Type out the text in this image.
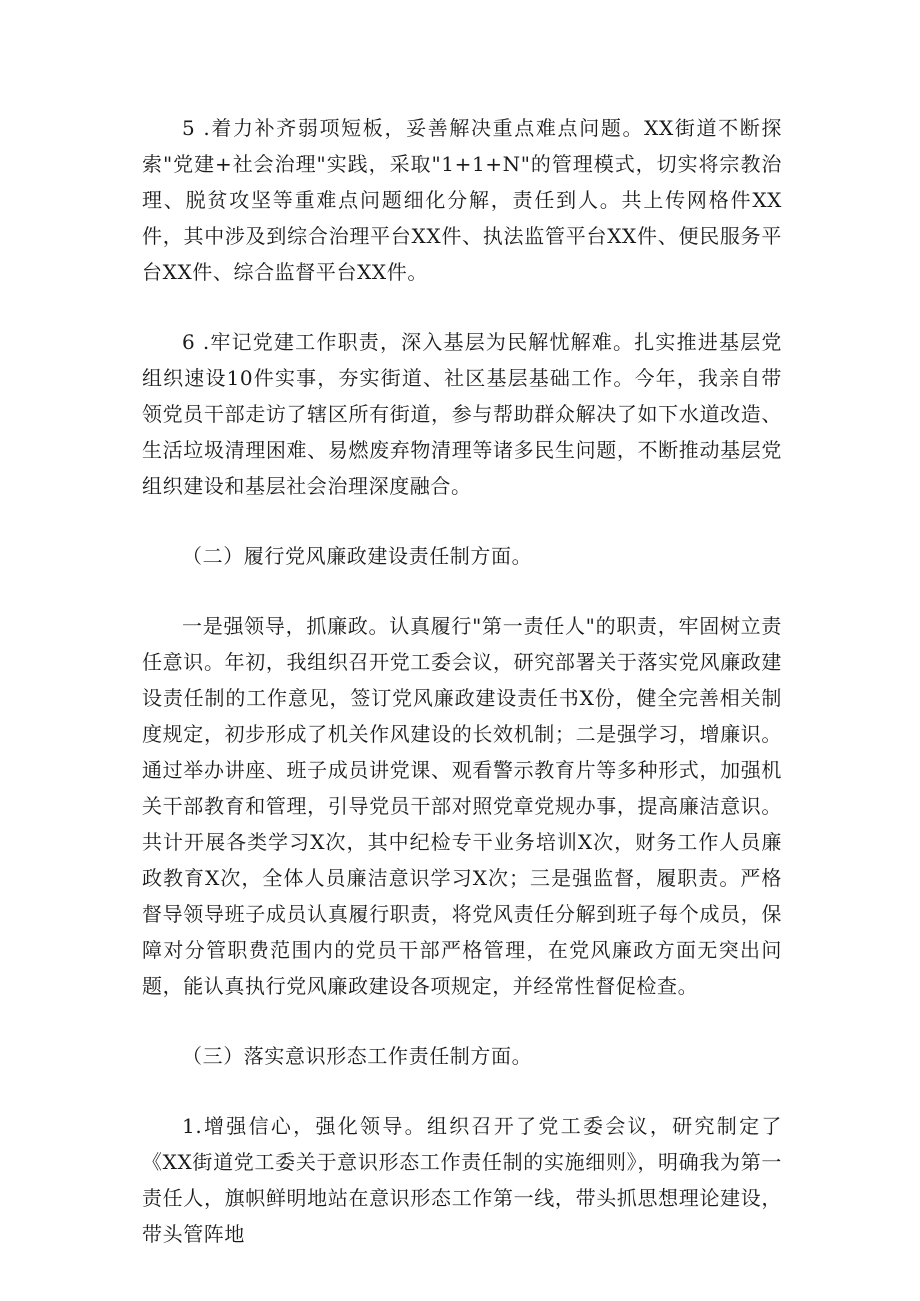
5 .着力补齐弱项短板，妥善解决重点难点问题。XX街道不断探索"党建+社会治理"实践，采取"1+1+N"的管理模式，切实将宗教治理、脱贫攻坚等重难点问题细化分解，责任到人。共上传网格件XX件，其中涉及到综合治理平台XX件、执法监管平台XX件、便民服务平台XX件、综合监督平台XX件。

6 .牢记党建工作职责，深入基层为民解忧解难。扎实推进基层党组织速设10件实事，夯实街道、社区基层基础工作。今年，我亲自带领党员干部走访了辖区所有街道，参与帮助群众解决了如下水道改造、生活垃圾清理困难、易燃废弃物清理等诸多民生问题，不断推动基层党组织建设和基层社会治理深度融合。

（二）履行党风廉政建设责任制方面。

一是强领导，抓廉政。认真履行"第一责任人"的职责，牢固树立责任意识。年初，我组织召开党工委会议，研究部署关于落实党风廉政建设责任制的工作意见，签订党风廉政建设责任书X份，健全完善相关制度规定，初步形成了机关作风建设的长效机制；二是强学习，增廉识。通过举办讲座、班子成员讲党课、观看警示教育片等多种形式，加强机关干部教育和管理，引导党员干部对照党章党规办事，提高廉洁意识。共计开展各类学习X次，其中纪检专干业务培训X次，财务工作人员廉政教育X次，全体人员廉洁意识学习X次；三是强监督，履职责。严格督导领导班子成员认真履行职责，将党风责任分解到班子每个成员，保障对分管职费范围内的党员干部严格管理，在党风廉政方面无突出问题，能认真执行党风廉政建设各项规定，并经常性督促检查。

（三）落实意识形态工作责任制方面。

1.增强信心，强化领导。组织召开了党工委会议，研究制定了《XX街道党工委关于意识形态工作责任制的实施细则》，明确我为第一责任人，旗帜鲜明地站在意识形态工作第一线，带头抓思想理论建设，带头管阵地
